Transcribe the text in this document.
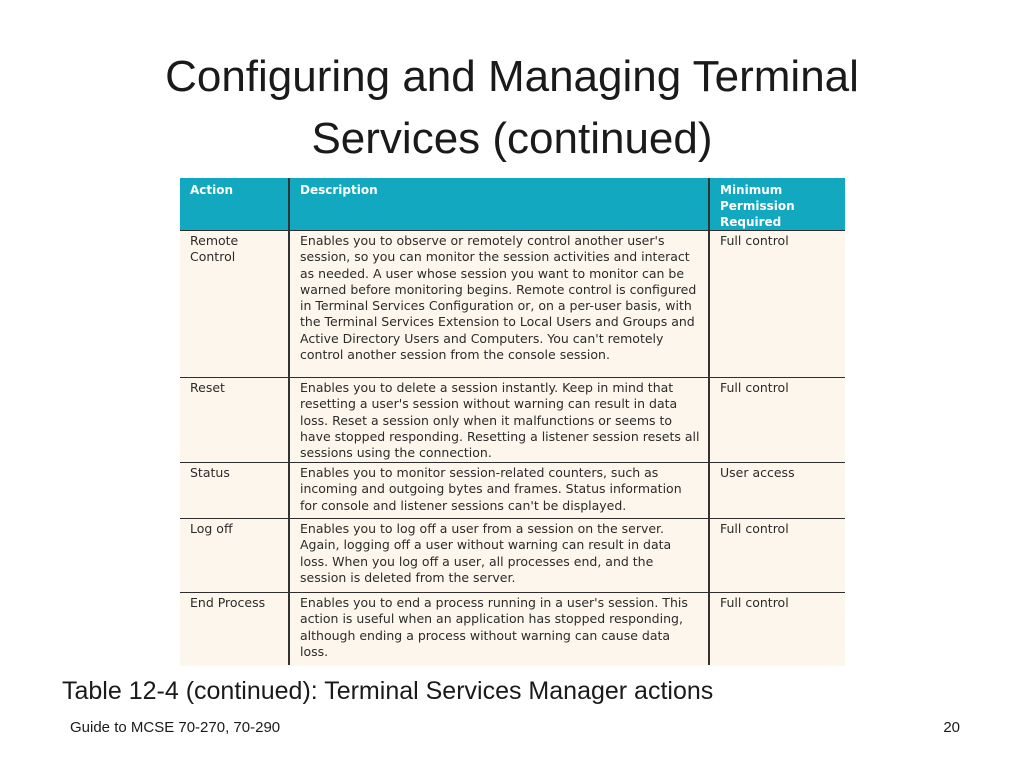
Configuring and Managing Terminal
Services (continued)
Action	Description	Minimum Permission Required
Remote Control	Enables you to observe or remotely control another user's session, so you can monitor the session activities and interact as needed. A user whose session you want to monitor can be warned before monitoring begins. Remote control is configured in Terminal Services Configuration or, on a per-user basis, with the Terminal Services Extension to Local Users and Groups and Active Directory Users and Computers. You can't remotely control another session from the console session.	Full control
Reset	Enables you to delete a session instantly. Keep in mind that resetting a user's session without warning can result in data loss. Reset a session only when it malfunctions or seems to have stopped responding. Resetting a listener session resets all sessions using the connection.	Full control
Status	Enables you to monitor session-related counters, such as incoming and outgoing bytes and frames. Status information for console and listener sessions can't be displayed.	User access
Log off	Enables you to log off a user from a session on the server. Again, logging off a user without warning can result in data loss. When you log off a user, all processes end, and the session is deleted from the server.	Full control
End Process	Enables you to end a process running in a user's session. This action is useful when an application has stopped responding, although ending a process without warning can cause data loss.	Full control
Table 12-4 (continued): Terminal Services Manager actions
Guide to MCSE 70-270, 70-290	20
